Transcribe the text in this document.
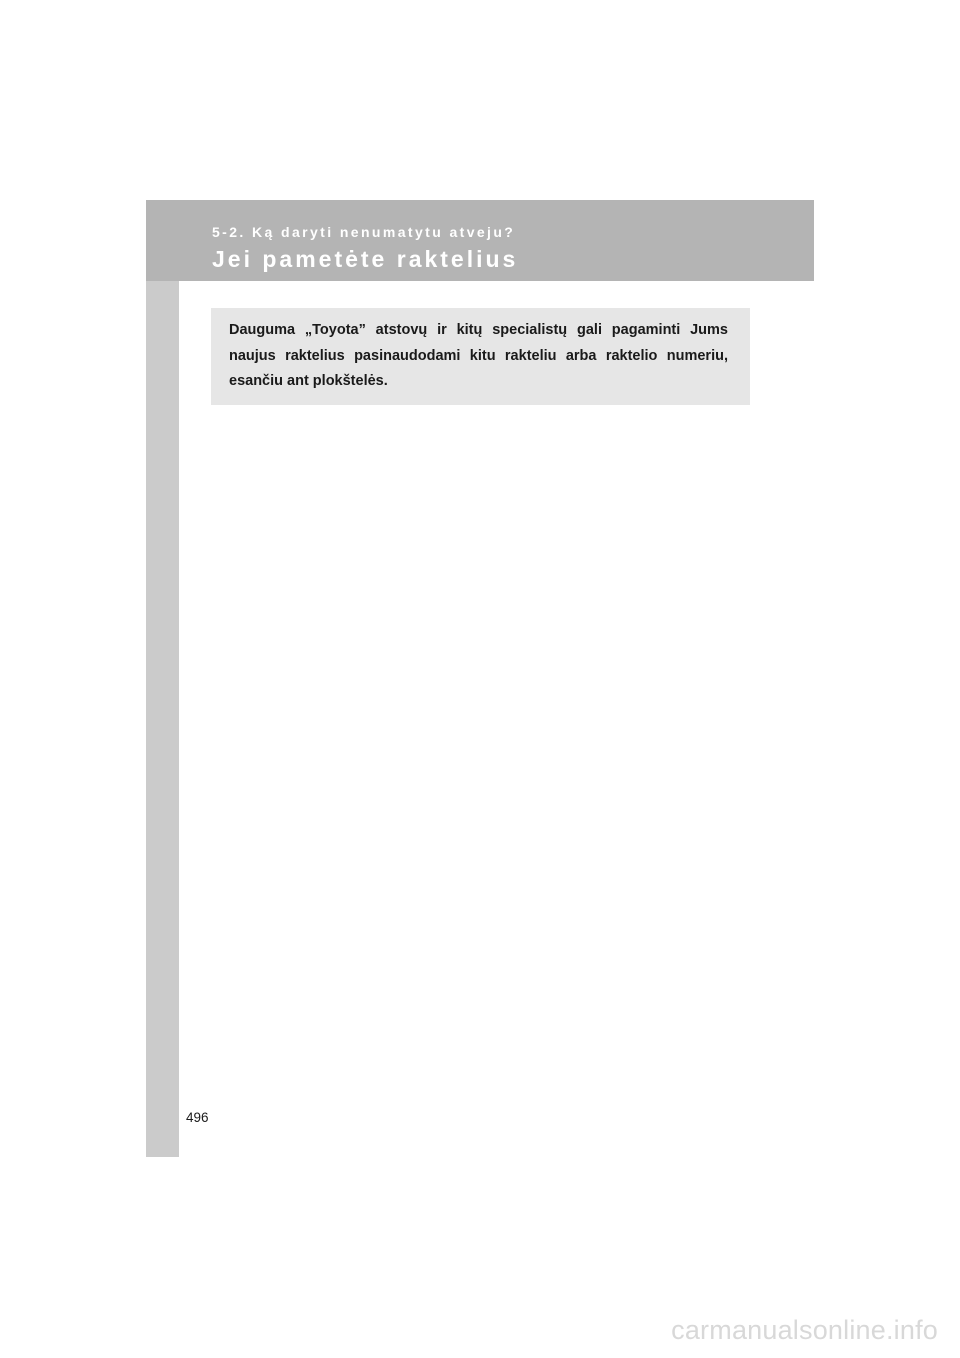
5-2. Ką daryti nenumatytu atveju?
Jei pametėte raktelius

Dauguma „Toyota” atstovų ir kitų specialistų gali pagaminti Jums naujus raktelius pasinaudodami kitu rakteliu arba raktelio numeriu, esančiu ant plokštelės.

496
carmanualsonline.info
